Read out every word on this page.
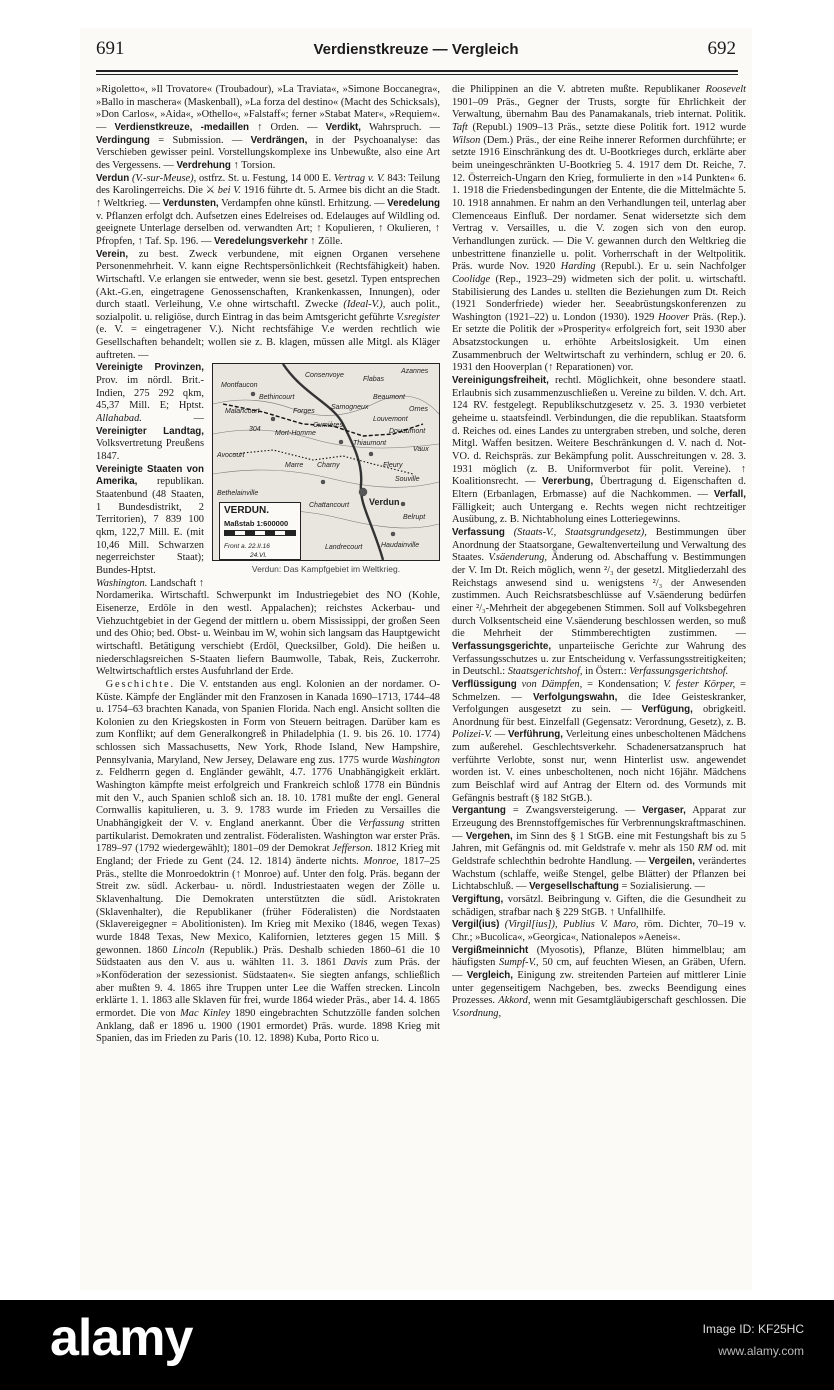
691	Verdienstkreuze — Vergleich	692

»Rigoletto«, »Il Trovatore« (Troubadour), »La Traviata«, »Simone Boccanegra«, »Ballo in maschera« (Maskenball), »La forza del destino« (Macht des Schicksals), »Don Carlos«, »Aida«, »Othello«, »Falstaff«; ferner »Stabat Mater«, »Requiem«. — Verdienstkreuze, -medaillen ↑ Orden. — Verdikt, Wahrspruch. — Verdingung = Submission. — Verdrängen, in der Psychoanalyse: das Verschieben gewisser peinl. Vorstellungskomplexe ins Unbewußte, also eine Art des Vergessens. — Verdrehung ↑ Torsion.

Verdun (V.-sur-Meuse), ostfrz. St. u. Festung, 14 000 E. Vertrag v. V. 843: Teilung des Karolingerreichs. Die ⚔ bei V. 1916 führte dt. 5. Armee bis dicht an die Stadt. ↑ Weltkrieg. — Verdunsten, Verdampfen ohne künstl. Erhitzung. — Veredelung v. Pflanzen erfolgt dch. Aufsetzen eines Edelreises od. Edelauges auf Wildling od. geeignete Unterlage derselben od. verwandten Art; ↑ Kopulieren, ↑ Okulieren, ↑ Pfropfen, ↑ Taf. Sp. 196. — Veredelungsverkehr ↑ Zölle.

Verein, zu best. Zweck verbundene, mit eignen Organen versehene Personenmehrheit. V. kann eigne Rechtspersönlichkeit (Rechtsfähigkeit) haben. Wirtschaftl. V.e erlangen sie entweder, wenn sie best. gesetzl. Typen entsprechen (Akt.-G.en, eingetragene Genossenschaften, Krankenkassen, Innungen), oder durch staatl. Verleihung, V.e ohne wirtschaftl. Zwecke (Ideal-V.), auch polit., sozialpolit. u. religiöse, durch Eintrag in das beim Amtsgericht geführte V.sregister (e. V. = eingetragener V.). Nicht rechtsfähige V.e werden rechtlich wie Gesellschaften behandelt; wollen sie z. B. klagen, müssen alle Mitgl. als Kläger auftreten. —

Montfaucon
Consenvoye
Flabas
Azannes
Bethincourt
Malancourt	Forges
Samogneux
Beaumont
Ornes
304
Mort-Homme
Cumières
Louvemont
Douaumont
Vaux
Avocourt
Marre Charny
Thiaumont
Fleury
Souville
Bethelainville
Chattancourt Verdun
Belrupt
Landrecourt	Haudainville
VERDUN.
Maßstab 1:600000
Front a. 22.II.16
24.VI.
Verdun: Das Kampfgebiet im Weltkrieg.

Vereinigte Provinzen, Prov. im nördl. Brit.-Indien, 275 292 qkm, 45,37 Mill. E; Hptst. Allahabad.	— Vereinigter Landtag, Volksvertretung Preußens 1847.

Vereinigte Staaten von Amerika, republikan. Staatenbund (48 Staaten, 1 Bundesdistrikt, 2 Territorien), 7 839 100 qkm, 122,7 Mill. E. (mit 10,46 Mill. Schwarzen negerreichster Staat); Bundes-Hptst. Washington. Landschaft ↑ Nordamerika. Wirtschaftl. Schwerpunkt im Industriegebiet des NO (Kohle, Eisenerze, Erdöle in den westl. Appalachen); reichstes Ackerbau- und Viehzuchtgebiet in der Gegend der mittlern u. obern Mississippi, der großen Seen und des Ohio; bed. Obst- u. Weinbau im W, wohin sich langsam das Hauptgewicht wirtschaftl. Betätigung verschiebt (Erdöl, Quecksilber, Gold). Die heißen u. niederschlagsreichen S-Staaten liefern Baumwolle, Tabak, Reis, Zuckerrohr. Weltwirtschaftlich erstes Ausfuhrland der Erde.

Geschichte. Die V. entstanden aus engl. Kolonien an der nordamer. O-Küste. Kämpfe der Engländer mit den Franzosen in Kanada 1690–1713, 1744–48 u. 1754–63 brachten Kanada, von Spanien Florida. Nach engl. Ansicht sollten die Kolonien zu den Kriegskosten in Form von Steuern beitragen. Darüber kam es zum Konflikt; auf dem Generalkongreß in Philadelphia (1. 9. bis 26. 10. 1774) schlossen sich Massachusetts, New York, Rhode Island, New Hampshire, Pennsylvania, Maryland, New Jersey, Delaware eng zus. 1775 wurde Washington z. Feldherrn gegen d. Engländer gewählt, 4.7. 1776 Unabhängigkeit erklärt. Washington kämpfte meist erfolgreich und Frankreich schloß 1778 ein Bündnis mit den V., auch Spanien schloß sich an. 18. 10. 1781 mußte der engl. General Cornwallis kapitulieren, u. 3. 9. 1783 wurde im Frieden zu Versailles die Unabhängigkeit der V. v. England anerkannt. Über die Verfassung stritten partikularist. Demokraten und zentralist. Föderalisten. Washington war erster Präs. 1789–97 (1792 wiedergewählt); 1801–09 der Demokrat Jefferson. 1812 Krieg mit England; der Friede zu Gent (24. 12. 1814) änderte nichts. Monroe, 1817–25 Präs., stellte die Monroedoktrin (↑ Monroe) auf. Unter den folg. Präs. begann der Streit zw. südl. Ackerbau- u. nördl. Industriestaaten wegen der Zölle u. Sklavenhaltung. Die Demokraten unterstützten die südl. Aristokraten (Sklavenhalter), die Republikaner (früher Föderalisten) die Nordstaaten (Sklavereigegner = Abolitionisten). Im Krieg mit Mexiko (1846, wegen Texas) wurde 1848 Texas, New Mexico, Kalifornien, letzteres gegen 15 Mill. $ gewonnen. 1860 Lincoln (Republik.) Präs. Deshalb schieden 1860–61 die 10 Südstaaten aus den V. aus u. wählten 11. 3. 1861 Davis zum Präs. der »Konföderation der sezessionist. Südstaaten«. Sie siegten anfangs, schließlich aber mußten 9. 4. 1865 ihre Truppen unter Lee die Waffen strecken. Lincoln erklärte 1. 1. 1863 alle Sklaven für frei, wurde 1864 wieder Präs., aber 14. 4. 1865 ermordet. Die von Mac Kinley 1890 eingebrachten Schutzzölle fanden solchen Anklang, daß er 1896 u. 1900 (1901 ermordet) Präs. wurde. 1898 Krieg mit Spanien, das im Frieden zu Paris (10. 12. 1898) Kuba, Porto Rico u.

die Philippinen an die V. abtreten mußte. Republikaner Roosevelt 1901–09 Präs., Gegner der Trusts, sorgte für Ehrlichkeit der Verwaltung, übernahm Bau des Panamakanals, trieb internat. Politik. Taft (Republ.) 1909–13 Präs., setzte diese Politik fort. 1912 wurde Wilson (Dem.) Präs., der eine Reihe innerer Reformen durchführte; er setzte 1916 Einschränkung des dt. U-Bootkrieges durch, erklärte aber beim uneingeschränkten U-Bootkrieg 5. 4. 1917 dem Dt. Reiche, 7. 12. Österreich-Ungarn den Krieg, formulierte in den »14 Punkten« 6. 1. 1918 die Friedensbedingungen der Entente, die die Mittelmächte 5. 10. 1918 annahmen. Er nahm an den Verhandlungen teil, unterlag aber Clemenceaus Einfluß. Der nordamer. Senat widersetzte sich dem Vertrag v. Versailles, u. die V. zogen sich von den europ. Verhandlungen zurück. — Die V. gewannen durch den Weltkrieg die unbestrittene finanzielle u. polit. Vorherrschaft in der Weltpolitik. Präs. wurde Nov. 1920 Harding (Republ.). Er u. sein Nachfolger Coolidge (Rep., 1923–29) widmeten sich der polit. u. wirtschaftl. Stabilisierung des Landes u. stellten die Beziehungen zum Dt. Reich (1921 Sonderfriede) wieder her. Seeabrüstungskonferenzen zu Washington (1921–22) u. London (1930). 1929 Hoover Präs. (Rep.). Er setzte die Politik der »Prosperity« erfolgreich fort, seit 1930 aber Absatzstockungen u. erhöhte Arbeitslosigkeit. Um einen Zusammenbruch der Weltwirtschaft zu verhindern, schlug er 20. 6. 1931 den Hooverplan (↑ Reparationen) vor.

Vereinigungsfreiheit, rechtl. Möglichkeit, ohne besondere staatl. Erlaubnis sich zusammenzuschließen u. Vereine zu bilden. V. dch. Art. 124 RV. festgelegt. Republikschutzgesetz v. 25. 3. 1930 verbietet geheime u. staatsfeindl. Verbindungen, die die republikan. Staatsform d. Reiches od. eines Landes zu untergraben streben, und solche, deren Mitgl. Waffen besitzen. Weitere Beschränkungen d. V. nach d. Not-VO. d. Reichspräs. zur Bekämpfung polit. Ausschreitungen v. 28. 3. 1931 möglich (z. B. Uniformverbot für polit. Vereine). ↑ Koalitionsrecht. — Vererbung, Übertragung d. Eigenschaften d. Eltern (Erbanlagen, Erbmasse) auf die Nachkommen. — Verfall, Fälligkeit; auch Untergang e. Rechts wegen nicht rechtzeitiger Ausübung, z. B. Nichtabholung eines Lotteriegewinns.

Verfassung (Staats-V., Staatsgrundgesetz), Bestimmungen über Anordnung der Staatsorgane, Gewaltenverteilung und Verwaltung des Staates. V.säenderung, Änderung od. Abschaffung v. Bestimmungen der V. Im Dt. Reich möglich, wenn ²/₃ der gesetzl. Mitgliederzahl des Reichstags anwesend sind u. wenigstens ²/₃ der Anwesenden zustimmen. Auch Reichsratsbeschlüsse auf V.säenderung bedürfen einer ²/₃-Mehrheit der abgegebenen Stimmen. Soll auf Volksbegehren durch Volksentscheid eine V.säenderung beschlossen werden, so muß die Mehrheit der Stimmberechtigten zustimmen. — Verfassungsgerichte, unparteiische Gerichte zur Wahrung des Verfassungsschutzes u. zur Entscheidung v. Verfassungsstreitigkeiten; in Deutschl.: Staatsgerichtshof, in Österr.: Verfassungsgerichtshof.

Verflüssigung von Dämpfen, = Kondensation; V. fester Körper, = Schmelzen. — Verfolgungswahn, die Idee Geisteskranker, Verfolgungen ausgesetzt zu sein. — Verfügung, obrigkeitl. Anordnung für best. Einzelfall (Gegensatz: Verordnung, Gesetz), z. B. Polizei-V. — Verführung, Verleitung eines unbescholtenen Mädchens zum außerehel. Geschlechtsverkehr. Schadenersatzanspruch hat verführte Verlobte, sonst nur, wenn Hinterlist usw. angewendet worden ist. V. eines unbescholtenen, noch nicht 16jähr. Mädchens zum Beischlaf wird auf Antrag der Eltern od. des Vormunds mit Gefängnis bestraft (§ 182 StGB.).

Vergantung = Zwangsversteigerung. — Vergaser, Apparat zur Erzeugung des Brennstoffgemisches für Verbrennungskraftmaschinen. — Vergehen, im Sinn des § 1 StGB. eine mit Festungshaft bis zu 5 Jahren, mit Gefängnis od. mit Geldstrafe v. mehr als 150 RM od. mit Geldstrafe schlechthin bedrohte Handlung. — Vergeilen, verändertes Wachstum (schlaffe, weiße Stengel, gelbe Blätter) der Pflanzen bei Lichtabschluß. — Vergesellschaftung = Sozialisierung. —

Vergiftung, vorsätzl. Beibringung v. Giften, die die Gesundheit zu schädigen, strafbar nach § 229 StGB. ↑ Unfallhilfe.

Vergil(ius) (Virgil[ius]), Publius V. Maro, röm. Dichter, 70–19 v. Chr.; »Bucolica«, »Georgica«, Nationalepos »Aeneis«.

Vergißmeinnicht (Myosotis), Pflanze, Blüten himmelblau; am häufigsten Sumpf-V., 50 cm, auf feuchten Wiesen, an Gräben, Ufern. — Vergleich, Einigung zw. streitenden Parteien auf mittlerer Linie unter gegenseitigem Nachgeben, bes. zwecks Beendigung eines Prozesses. Akkord, wenn mit Gesamtgläubigerschaft geschlossen. Die V.sordnung,

alamy	Image ID: KF25HC
www.alamy.com
